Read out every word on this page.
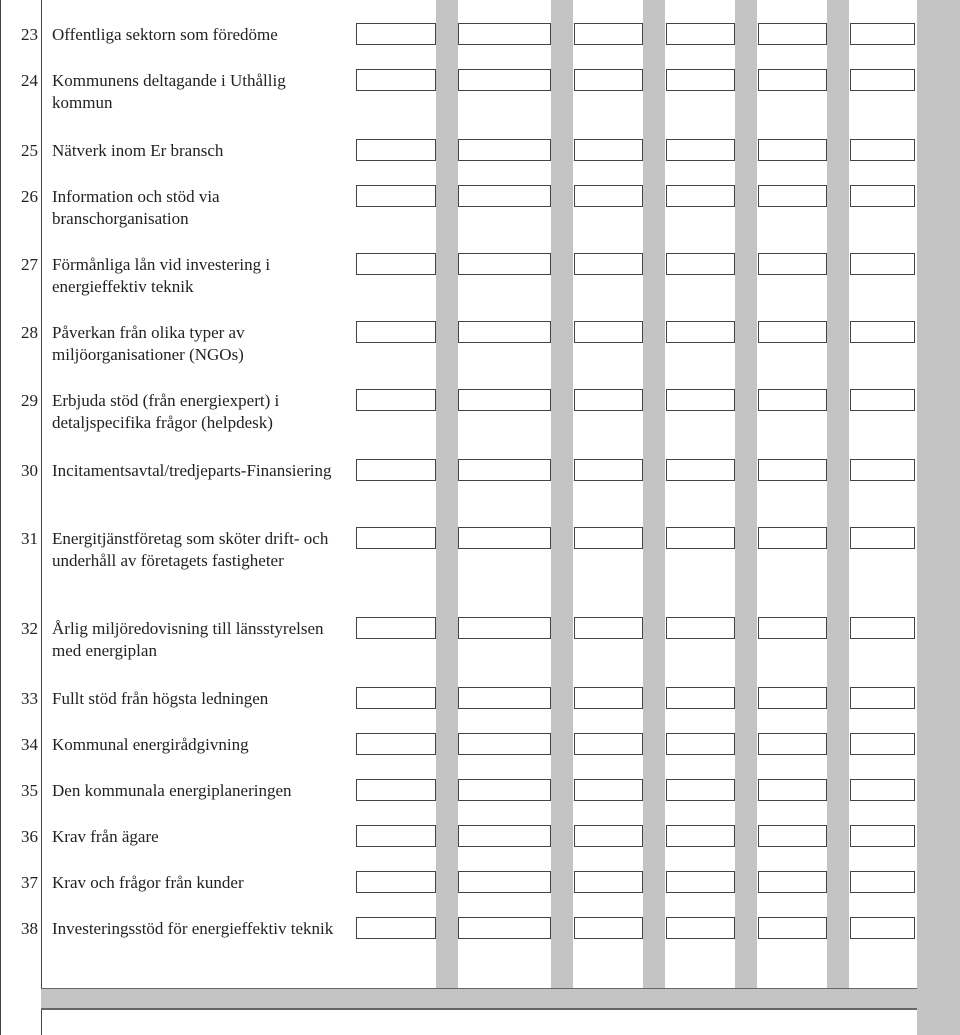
23 Offentliga sektorn som föredöme
24 Kommunens deltagande i Uthållig kommun
25 Nätverk inom Er bransch
26 Information och stöd via branschorganisation
27 Förmånliga lån vid investering i energieffektiv teknik
28 Påverkan från olika typer av miljöorganisationer (NGOs)
29 Erbjuda stöd (från energiexpert) i detaljspecifika frågor (helpdesk)
30 Incitamentsavtal/tredjeparts-Finansiering
31 Energitjänstföretag som sköter drift- och underhåll av företagets fastigheter
32 Årlig miljöredovisning till länsstyrelsen med energiplan
33 Fullt stöd från högsta ledningen
34 Kommunal energirådgivning
35 Den kommunala energiplaneringen
36 Krav från ägare
37 Krav och frågor från kunder
38 Investeringsstöd för energieffektiv teknik
